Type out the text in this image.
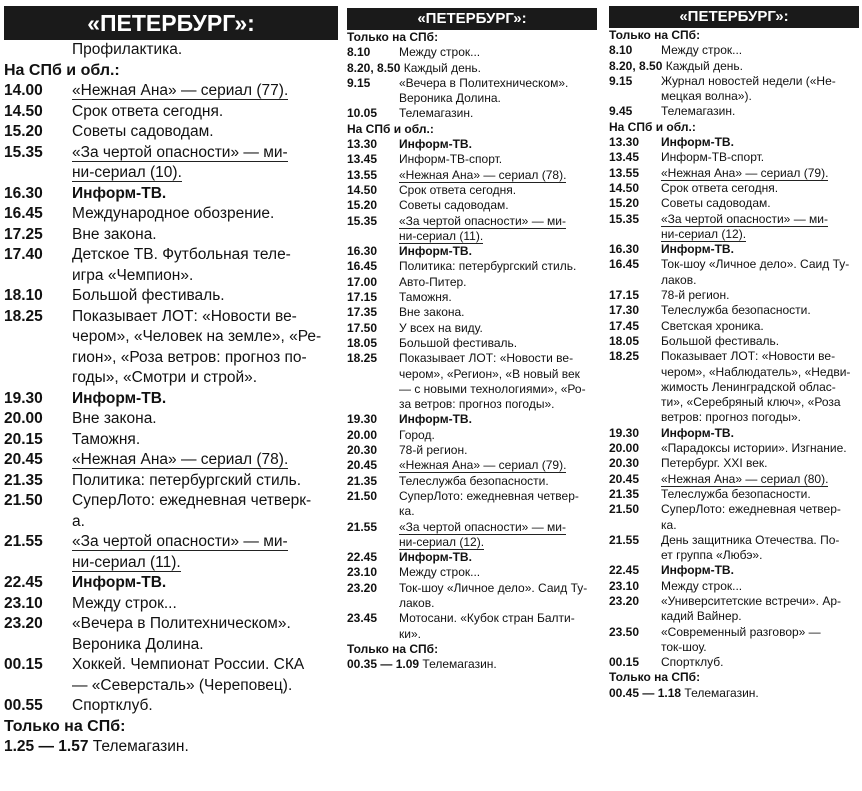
«ПЕТЕРБУРГ»:
Профилактика.
На СПб и обл.:
14.00 «Нежная Ана» — сериал (77).
14.50 Срок ответа сегодня.
15.20 Советы садоводам.
15.35 «За чертой опасности» — ми-
ни-сериал (10).
16.30 Информ-ТВ.
16.45 Международное обозрение.
17.25 Вне закона.
17.40 Детское ТВ. Футбольная теле-
игра «Чемпион».
18.10 Большой фестиваль.
18.25 Показывает ЛОТ: «Новости ве-
чером», «Человек на земле», «Ре-
гион», «Роза ветров: прогноз по-
годы», «Смотри и строй».
19.30 Информ-ТВ.
20.00 Вне закона.
20.15 Таможня.
20.45 «Нежная Ана» — сериал (78).
21.35 Политика: петербургский стиль.
21.50 СуперЛото: ежедневная четверк-
а.
21.55 «За чертой опасности» — ми-
ни-сериал (11).
22.45 Информ-ТВ.
23.10 Между строк...
23.20 «Вечера в Политехническом».
Вероника Долина.
00.15 Хоккей. Чемпионат России. СКА
— «Северсталь» (Череповец).
00.55 Спортклуб.
Только на СПб:
1.25 — 1.57 Телемагазин.
«ПЕТЕРБУРГ»:
Только на СПб:
8.10 Между строк...
8.20, 8.50 Каждый день.
9.15 «Вечера в Политехническом».
Вероника Долина.
10.05 Телемагазин.
На СПб и обл.:
13.30 Информ-ТВ.
13.45 Информ-ТВ-спорт.
13.55 «Нежная Ана» — сериал (78).
14.50 Срок ответа сегодня.
15.20 Советы садоводам.
15.35 «За чертой опасности» — ми-
ни-сериал (11).
16.30 Информ-ТВ.
16.45 Политика: петербургский стиль.
17.00 Авто-Питер.
17.15 Таможня.
17.35 Вне закона.
17.50 У всех на виду.
18.05 Большой фестиваль.
18.25 Показывает ЛОТ: «Новости ве-
чером», «Регион», «В новый век
— с новыми технологиями», «Ро-
за ветров: прогноз погоды».
19.30 Информ-ТВ.
20.00 Город.
20.30 78-й регион.
20.45 «Нежная Ана» — сериал (79).
21.35 Телеслужба безопасности.
21.50 СуперЛото: ежедневная четвер-
ка.
21.55 «За чертой опасности» — ми-
ни-сериал (12).
22.45 Информ-ТВ.
23.10 Между строк...
23.20 Ток-шоу «Личное дело». Саид Ту-
лаков.
23.45 Мотосани. «Кубок стран Балти-
ки».
Только на СПб:
00.35 — 1.09 Телемагазин.
«ПЕТЕРБУРГ»:
Только на СПб:
8.10 Между строк...
8.20, 8.50 Каждый день.
9.15 Журнал новостей недели («Не-
мецкая волна»).
9.45 Телемагазин.
На СПб и обл.:
13.30 Информ-ТВ.
13.45 Информ-ТВ-спорт.
13.55 «Нежная Ана» — сериал (79).
14.50 Срок ответа сегодня.
15.20 Советы садоводам.
15.35 «За чертой опасности» — ми-
ни-сериал (12).
16.30 Информ-ТВ.
16.45 Ток-шоу «Личное дело». Саид Ту-
лаков.
17.15 78-й регион.
17.30 Телеслужба безопасности.
17.45 Светская хроника.
18.05 Большой фестиваль.
18.25 Показывает ЛОТ: «Новости ве-
чером», «Наблюдатель», «Недви-
жимость Ленинградской облас-
ти», «Серебряный ключ», «Роза
ветров: прогноз погоды».
19.30 Информ-ТВ.
20.00 «Парадоксы истории». Изгнание.
20.30 Петербург. XXI век.
20.45 «Нежная Ана» — сериал (80).
21.35 Телеслужба безопасности.
21.50 СуперЛото: ежедневная четвер-
ка.
21.55 День защитника Отечества. По-
ет группа «Любэ».
22.45 Информ-ТВ.
23.10 Между строк...
23.20 «Университетские встречи». Ар-
кадий Вайнер.
23.50 «Современный разговор» —
ток-шоу.
00.15 Спортклуб.
Только на СПб:
00.45 — 1.18 Телемагазин.
